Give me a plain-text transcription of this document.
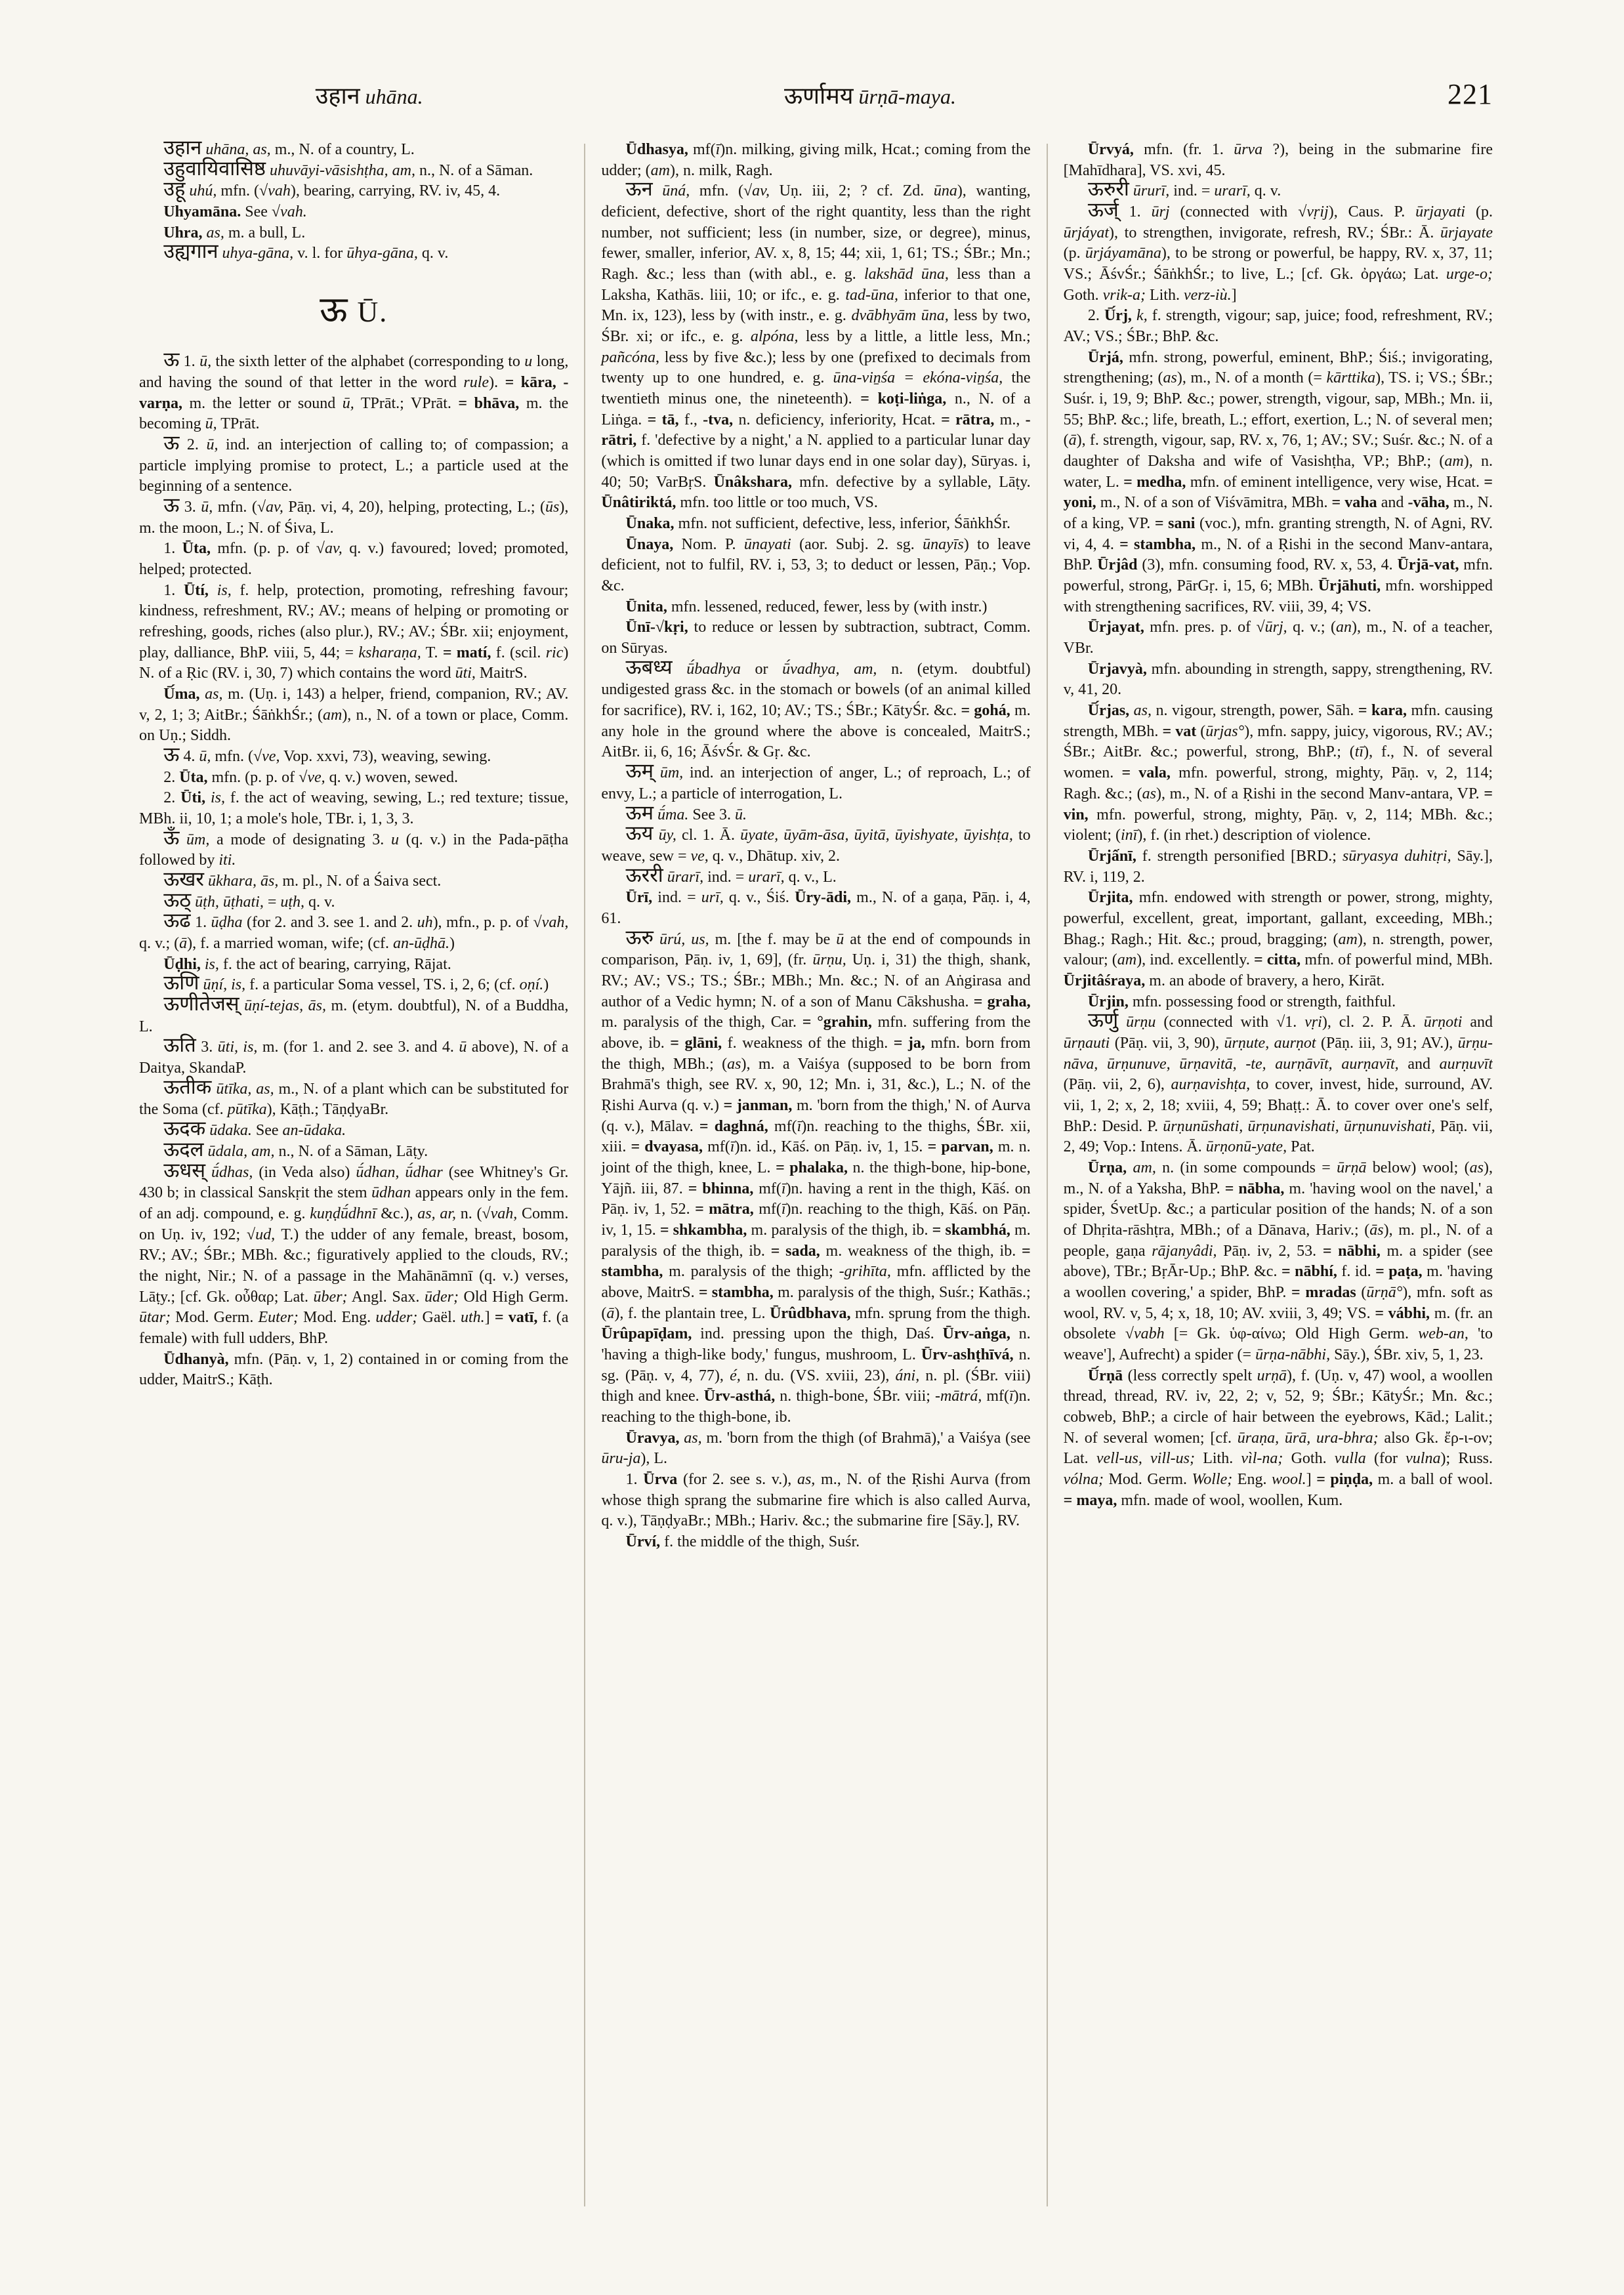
उहान uhāna.	ऊर्णामय ūrṇā-maya.	221

उहान uhāna, as, m., N. of a country, L.

उहुवायिवासिष्ठ uhuvāyi-vāsishṭha, am, n., N. of a Sāman.

उहू uhú, mfn. (√vah), bearing, carrying, RV. iv, 45, 4.

Uhyamāna. See √vah.

Uhra, as, m. a bull, L.

उह्यगान uhya-gāna, v. l. for ūhya-gāna, q. v.

ऊ Ū.

ऊ 1. ū, the sixth letter of the alphabet (corresponding to u long, and having the sound of that letter in the word rule). = kāra, -varṇa, m. the letter or sound ū, TPrāt.; VPrāt. = bhāva, m. the becoming ū, TPrāt.

ऊ 2. ū, ind. an interjection of calling to; of compassion; a particle implying promise to protect, L.; a particle used at the beginning of a sentence.

ऊ 3. ū, mfn. (√av, Pāṇ. vi, 4, 20), helping, protecting, L.; (ūs), m. the moon, L.; N. of Śiva, L.

1. Ūta, mfn. (p. p. of √av, q. v.) favoured; loved; promoted, helped; protected.

1. Ūtí, is, f. help, protection, promoting, refreshing favour; kindness, refreshment, RV.; AV.; means of helping or promoting or refreshing, goods, riches (also plur.), RV.; AV.; ŚBr. xii; enjoyment, play, dalliance, BhP. viii, 5, 44; = ksharaṇa, T. = matí, f. (scil. ric) N. of a Ṛic (RV. i, 30, 7) which contains the word ūti, MaitrS.

Ū́ma, as, m. (Uṇ. i, 143) a helper, friend, companion, RV.; AV. v, 2, 1; 3; AitBr.; ŚāṅkhŚr.; (am), n., N. of a town or place, Comm. on Uṇ.; Siddh.

ऊ 4. ū, mfn. (√ve, Vop. xxvi, 73), weaving, sewing.

2. Ūta, mfn. (p. p. of √ve, q. v.) woven, sewed.

2. Ūti, is, f. the act of weaving, sewing, L.; red texture; tissue, MBh. ii, 10, 1; a mole's hole, TBr. i, 1, 3, 3.

ऊँ ūm, a mode of designating 3. u (q. v.) in the Pada-pāṭha followed by iti.

ऊखर ūkhara, ās, m. pl., N. of a Śaiva sect.

ऊठ् ūṭh, ūṭhati, = uṭh, q. v.

ऊढ 1. ūḍha (for 2. and 3. see 1. and 2. uh), mfn., p. p. of √vah, q. v.; (ā), f. a married woman, wife; (cf. an-ūḍhā.)

Ūḍhi, is, f. the act of bearing, carrying, Rājat.

ऊणि ūṇí, is, f. a particular Soma vessel, TS. i, 2, 6; (cf. oṇí.)

ऊणीतेजस् ūṇí-tejas, ās, m. (etym. doubtful), N. of a Buddha, L.

ऊति 3. ūti, is, m. (for 1. and 2. see 3. and 4. ū above), N. of a Daitya, SkandaP.

ऊतीक ūtīka, as, m., N. of a plant which can be substituted for the Soma (cf. pūtīka), Kāṭh.; TāṇḍyaBr.

ऊदक ūdaka. See an-ūdaka.

ऊदल ūdala, am, n., N. of a Sāman, Lāṭy.

ऊधस् ū́dhas, (in Veda also) ū́dhan, ū́dhar (see Whitney's Gr. 430 b; in classical Sanskṛit the stem ūdhan appears only in the fem. of an adj. compound, e. g. kuṇḍū́dhnī &c.), as, ar, n. (√vah, Comm. on Uṇ. iv, 192; √ud, T.) the udder of any female, breast, bosom, RV.; AV.; ŚBr.; MBh. &c.; figuratively applied to the clouds, RV.; the night, Nir.; N. of a passage in the Mahānāmnī (q. v.) verses, Lāṭy.; [cf. Gk. οὖθαρ; Lat. ūber; Angl. Sax. ūder; Old High Germ. ūtar; Mod. Germ. Euter; Mod. Eng. udder; Gaël. uth.] = vatī, f. (a female) with full udders, BhP.

Ūdhanyà, mfn. (Pāṇ. v, 1, 2) contained in or coming from the udder, MaitrS.; Kāṭh.

Ūdhasya, mf(ī)n. milking, giving milk, Hcat.; coming from the udder; (am), n. milk, Ragh.

ऊन ūná, mfn. (√av, Uṇ. iii, 2; ? cf. Zd. ūna), wanting, deficient, defective, short of the right quantity, less than the right number, not sufficient; less (in number, size, or degree), minus, fewer, smaller, inferior, AV. x, 8, 15; 44; xii, 1, 61; TS.; ŚBr.; Mn.; Ragh. &c.; less than (with abl., e. g. lakshād ūna, less than a Laksha, Kathās. liii, 10; or ifc., e. g. tad-ūna, inferior to that one, Mn. ix, 123), less by (with instr., e. g. dvābhyām ūna, less by two, ŚBr. xi; or ifc., e. g. alpóna, less by a little, a little less, Mn.; pañcóna, less by five &c.); less by one (prefixed to decimals from twenty up to one hundred, e. g. ūna-viṉśa = ekóna-viṉśa, the twentieth minus one, the nineteenth). = koṭi-liṅga, n., N. of a Liṅga. = tā, f., -tva, n. deficiency, inferiority, Hcat. = rātra, m., -rātri, f. 'defective by a night,' a N. applied to a particular lunar day (which is omitted if two lunar days end in one solar day), Sūryas. i, 40; 50; VarBṛS. Ūnâkshara, mfn. defective by a syllable, Lāṭy. Ūnâtiriktá, mfn. too little or too much, VS.

Ūnaka, mfn. not sufficient, defective, less, inferior, ŚāṅkhŚr.

Ūnaya, Nom. P. ūnayati (aor. Subj. 2. sg. ūnayīs) to leave deficient, not to fulfil, RV. i, 53, 3; to deduct or lessen, Pāṇ.; Vop. &c.

Ūnita, mfn. lessened, reduced, fewer, less by (with instr.)

Ūnī-√kṛi, to reduce or lessen by subtraction, subtract, Comm. on Sūryas.

ऊबध्य ū́badhya or ū́vadhya, am, n. (etym. doubtful) undigested grass &c. in the stomach or bowels (of an animal killed for sacrifice), RV. i, 162, 10; AV.; TS.; ŚBr.; KātyŚr. &c. = gohá, m. any hole in the ground where the above is concealed, MaitrS.; AitBr. ii, 6, 16; ĀśvŚr. & Gṛ. &c.

ऊम् ūm, ind. an interjection of anger, L.; of reproach, L.; of envy, L.; a particle of interrogation, L.

ऊम ū́ma. See 3. ū.

ऊय ūy, cl. 1. Ā. ūyate, ūyām-āsa, ūyitā, ūyishyate, ūyishṭa, to weave, sew = ve, q. v., Dhātup. xiv, 2.

ऊररी ūrarī, ind. = urarī, q. v., L.

Ūrī, ind. = urī, q. v., Śiś. Ūry-ādi, m., N. of a gaṇa, Pāṇ. i, 4, 61.

ऊरु ūrú, us, m. [the f. may be ū at the end of compounds in comparison, Pāṇ. iv, 1, 69], (fr. ūrṇu, Uṇ. i, 31) the thigh, shank, RV.; AV.; VS.; TS.; ŚBr.; MBh.; Mn. &c.; N. of an Aṅgirasa and author of a Vedic hymn; N. of a son of Manu Cākshusha. = graha, m. paralysis of the thigh, Car. = °grahin, mfn. suffering from the above, ib. = glāni, f. weakness of the thigh. = ja, mfn. born from the thigh, MBh.; (as), m. a Vaiśya (supposed to be born from Brahmā's thigh, see RV. x, 90, 12; Mn. i, 31, &c.), L.; N. of the Ṛishi Aurva (q. v.) = janman, m. 'born from the thigh,' N. of Aurva (q. v.), Mālav. = daghná, mf(ī)n. reaching to the thighs, ŚBr. xii, xiii. = dvayasa, mf(ī)n. id., Kāś. on Pāṇ. iv, 1, 15. = parvan, m. n. joint of the thigh, knee, L. = phalaka, n. the thigh-bone, hip-bone, Yājñ. iii, 87. = bhinna, mf(ī)n. having a rent in the thigh, Kāś. on Pāṇ. iv, 1, 52. = mātra, mf(ī)n. reaching to the thigh, Kāś. on Pāṇ. iv, 1, 15. = shkambha, m. paralysis of the thigh, ib. = skambhá, m. paralysis of the thigh, ib. = sada, m. weakness of the thigh, ib. = stambha, m. paralysis of the thigh; -grihīta, mfn. afflicted by the above, MaitrS. = stambha, m. paralysis of the thigh, Suśr.; Kathās.; (ā), f. the plantain tree, L. Ūrûdbhava, mfn. sprung from the thigh. Ūrûpapīḍam, ind. pressing upon the thigh, Daś. Ūrv-aṅga, n. 'having a thigh-like body,' fungus, mushroom, L. Ūrv-ashṭhīvá, n. sg. (Pāṇ. v, 4, 77), é, n. du. (VS. xviii, 23), áni, n. pl. (ŚBr. viii) thigh and knee. Ūrv-asthá, n. thigh-bone, ŚBr. viii; -mātrá, mf(ī)n. reaching to the thigh-bone, ib.

Ūravya, as, m. 'born from the thigh (of Brahmā),' a Vaiśya (see ūru-ja), L.

1. Ūrva (for 2. see s. v.), as, m., N. of the Ṛishi Aurva (from whose thigh sprang the submarine fire which is also called Aurva, q. v.), TāṇḍyaBr.; MBh.; Hariv. &c.; the submarine fire [Sāy.], RV.

Ūrví, f. the middle of the thigh, Suśr.

Ūrvyá, mfn. (fr. 1. ūrva ?), being in the submarine fire [Mahīdhara], VS. xvi, 45.

ऊरुरी ūrurī, ind. = urarī, q. v.

ऊर्ज् 1. ūrj (connected with √vṛij), Caus. P. ūrjayati (p. ūrjáyat), to strengthen, invigorate, refresh, RV.; ŚBr.: Ā. ūrjayate (p. ūrjáyamāna), to be strong or powerful, be happy, RV. x, 37, 11; VS.; ĀśvŚr.; ŚāṅkhŚr.; to live, L.; [cf. Gk. ὀργάω; Lat. urge-o; Goth. vrik-a; Lith. verz-iù.]

2. Ū́rj, k, f. strength, vigour; sap, juice; food, refreshment, RV.; AV.; VS.; ŚBr.; BhP. &c.

Ūrjá, mfn. strong, powerful, eminent, BhP.; Śiś.; invigorating, strengthening; (as), m., N. of a month (= kārttika), TS. i; VS.; ŚBr.; Suśr. i, 19, 9; BhP. &c.; power, strength, vigour, sap, MBh.; Mn. ii, 55; BhP. &c.; life, breath, L.; effort, exertion, L.; N. of several men; (ā), f. strength, vigour, sap, RV. x, 76, 1; AV.; SV.; Suśr. &c.; N. of a daughter of Daksha and wife of Vasishṭha, VP.; BhP.; (am), n. water, L. = medha, mfn. of eminent intelligence, very wise, Hcat. = yoni, m., N. of a son of Viśvāmitra, MBh. = vaha and -vāha, m., N. of a king, VP. = sani (voc.), mfn. granting strength, N. of Agni, RV. vi, 4, 4. = stambha, m., N. of a Ṛishi in the second Manv-antara, BhP. Ūrjâd (3), mfn. consuming food, RV. x, 53, 4. Ūrjā-vat, mfn. powerful, strong, PārGṛ. i, 15, 6; MBh. Ūrjāhuti, mfn. worshipped with strengthening sacrifices, RV. viii, 39, 4; VS.

Ūrjayat, mfn. pres. p. of √ūrj, q. v.; (an), m., N. of a teacher, VBr.

Ūrjavyà, mfn. abounding in strength, sappy, strengthening, RV. v, 41, 20.

Ū́rjas, as, n. vigour, strength, power, Sāh. = kara, mfn. causing strength, MBh. = vat (ūrjas°), mfn. sappy, juicy, vigorous, RV.; AV.; ŚBr.; AitBr. &c.; powerful, strong, BhP.; (tī), f., N. of several women. = vala, mfn. powerful, strong, mighty, Pāṇ. v, 2, 114; Ragh. &c.; (as), m., N. of a Ṛishi in the second Manv-antara, VP. = vin, mfn. powerful, strong, mighty, Pāṇ. v, 2, 114; MBh. &c.; violent; (inī), f. (in rhet.) description of violence.

Ūrjấnī, f. strength personified [BRD.; sūryasya duhitṛi, Sāy.], RV. i, 119, 2.

Ūrjita, mfn. endowed with strength or power, strong, mighty, powerful, excellent, great, important, gallant, exceeding, MBh.; Bhag.; Ragh.; Hit. &c.; proud, bragging; (am), n. strength, power, valour; (am), ind. excellently. = citta, mfn. of powerful mind, MBh. Ūrjitâśraya, m. an abode of bravery, a hero, Kirāt.

Ūrjin, mfn. possessing food or strength, faithful.

ऊर्णु ūrṇu (connected with √1. vṛi), cl. 2. P. Ā. ūrṇoti and ūrṇauti (Pāṇ. vii, 3, 90), ūrṇute, aurṇot (Pāṇ. iii, 3, 91; AV.), ūrṇu-nāva, ūrṇunuve, ūrṇavitā, -te, aurṇāvīt, aurṇavīt, and aurṇuvīt (Pāṇ. vii, 2, 6), aurṇavishṭa, to cover, invest, hide, surround, AV. vii, 1, 2; x, 2, 18; xviii, 4, 59; Bhaṭṭ.: Ā. to cover over one's self, BhP.: Desid. P. ūrṇunūshati, ūrṇunavishati, ūrṇunuvishati, Pāṇ. vii, 2, 49; Vop.: Intens. Ā. ūrṇonū-yate, Pat.

Ūrṇa, am, n. (in some compounds = ūrṇā below) wool; (as), m., N. of a Yaksha, BhP. = nābha, m. 'having wool on the navel,' a spider, ŚvetUp. &c.; a particular position of the hands; N. of a son of Dhṛita-rāshṭra, MBh.; of a Dānava, Hariv.; (ās), m. pl., N. of a people, gaṇa rājanyâdi, Pāṇ. iv, 2, 53. = nābhi, m. a spider (see above), TBr.; BṛĀr-Up.; BhP. &c. = nābhí, f. id. = paṭa, m. 'having a woollen covering,' a spider, BhP. = mradas (ūrṇā°), mfn. soft as wool, RV. v, 5, 4; x, 18, 10; AV. xviii, 3, 49; VS. = vábhi, m. (fr. an obsolete √vabh [= Gk. ὑφ-αίνω; Old High Germ. web-an, 'to weave'], Aufrecht) a spider (= ūrṇa-nābhi, Sāy.), ŚBr. xiv, 5, 1, 23.

Ū́rṇā (less correctly spelt urṇā), f. (Uṇ. v, 47) wool, a woollen thread, thread, RV. iv, 22, 2; v, 52, 9; ŚBr.; KātyŚr.; Mn. &c.; cobweb, BhP.; a circle of hair between the eyebrows, Kād.; Lalit.; N. of several women; [cf. ūraṇa, ūrā, ura-bhra; also Gk. ἔρ-ι-ον; Lat. vell-us, vill-us; Lith. vìl-na; Goth. vulla (for vulna); Russ. vólna; Mod. Germ. Wolle; Eng. wool.] = piṇḍa, m. a ball of wool. = maya, mfn. made of wool, woollen, Kum.
